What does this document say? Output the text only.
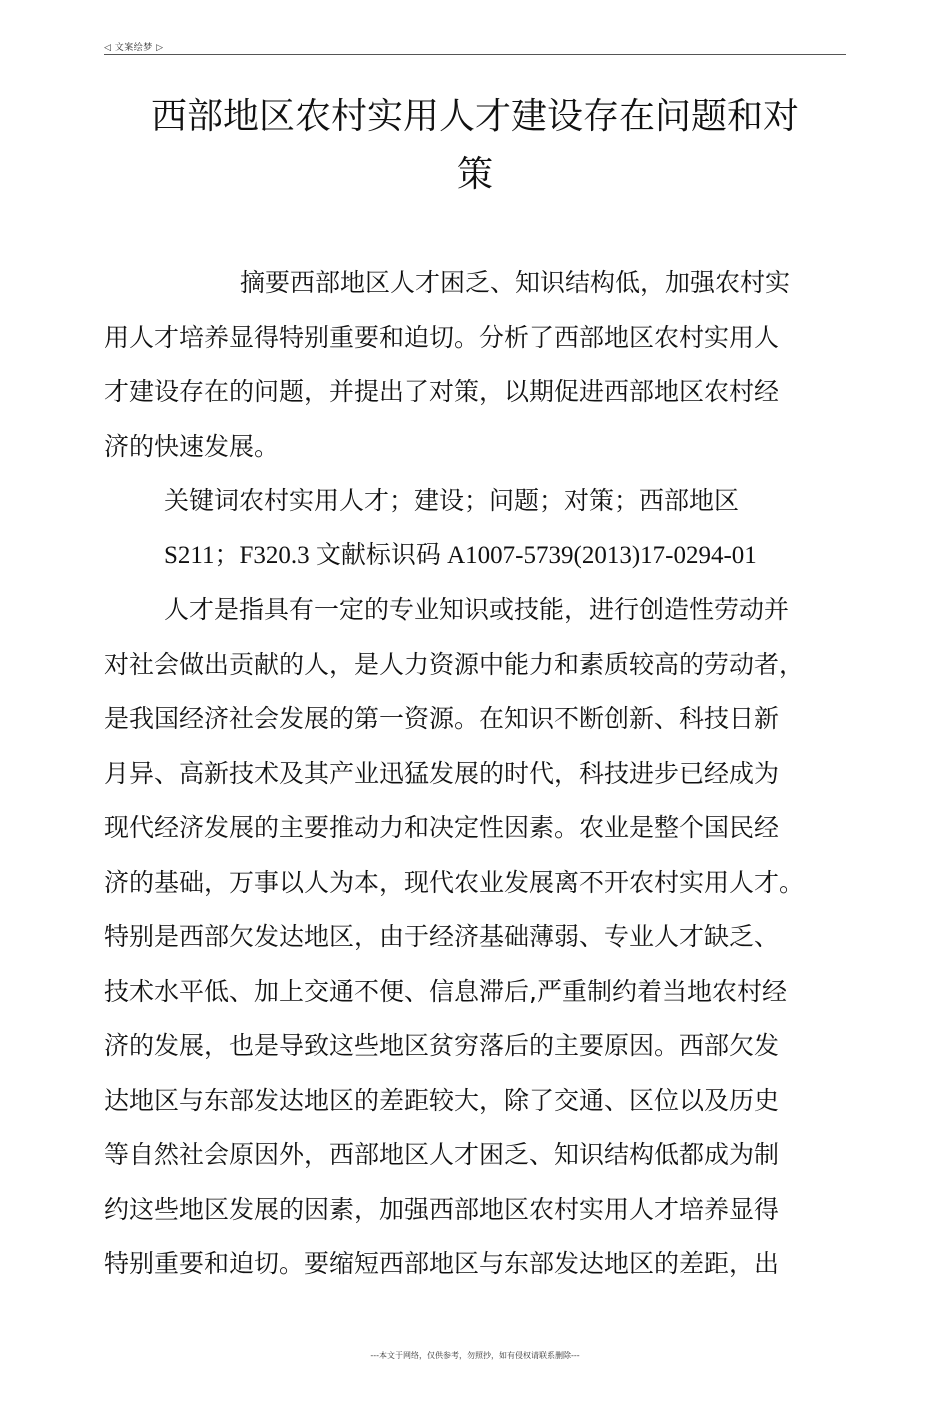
◁ 文案绘梦 ▷
西部地区农村实用人才建设存在问题和对
策
摘要西部地区人才困乏、知识结构低，加强农村实
用人才培养显得特别重要和迫切。分析了西部地区农村实用人
才建设存在的问题，并提出了对策，以期促进西部地区农村经
济的快速发展。
关键词农村实用人才；建设；问题；对策；西部地区
S211；F320.3 文献标识码 A1007-5739(2013)17-0294-01
人才是指具有一定的专业知识或技能，进行创造性劳动并
对社会做出贡献的人，是人力资源中能力和素质较高的劳动者，
是我国经济社会发展的第一资源。在知识不断创新、科技日新
月异、高新技术及其产业迅猛发展的时代，科技进步已经成为
现代经济发展的主要推动力和决定性因素。农业是整个国民经
济的基础，万事以人为本，现代农业发展离不开农村实用人才。
特别是西部欠发达地区，由于经济基础薄弱、专业人才缺乏、
技术水平低、加上交通不便、信息滞后,严重制约着当地农村经
济的发展，也是导致这些地区贫穷落后的主要原因。西部欠发
达地区与东部发达地区的差距较大，除了交通、区位以及历史
等自然社会原因外，西部地区人才困乏、知识结构低都成为制
约这些地区发展的因素，加强西部地区农村实用人才培养显得
特别重要和迫切。要缩短西部地区与东部发达地区的差距，出
---本文于网络，仅供参考，勿照抄，如有侵权请联系删除---
